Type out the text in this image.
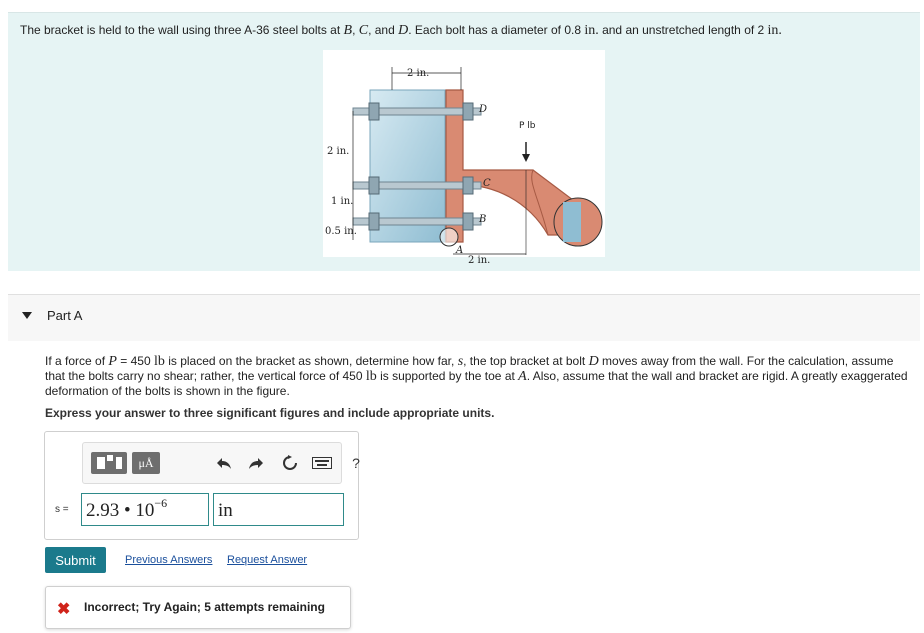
The bracket is held to the wall using three A-36 steel bolts at B, C, and D. Each bolt has a diameter of 0.8 in. and an unstretched length of 2 in.
2 in.
2 in.
1 in.
0.5 in.
2 in.
D
C
B
A
P lb
Part A
If a force of P = 450 lb is placed on the bracket as shown, determine how far, s, the top bracket at bolt D moves away from the wall. For the calculation, assume that the bolts carry no shear; rather, the vertical force of 450 lb is supported by the toe at A. Also, assume that the wall and bracket are rigid. A greatly exaggerated deformation of the bolts is shown in the figure.
Express your answer to three significant figures and include appropriate units.
μÅ	?
s = 2.93 • $10^{-6}$	in
Submit	Previous Answers Request Answer
✖ Incorrect; Try Again; 5 attempts remaining
